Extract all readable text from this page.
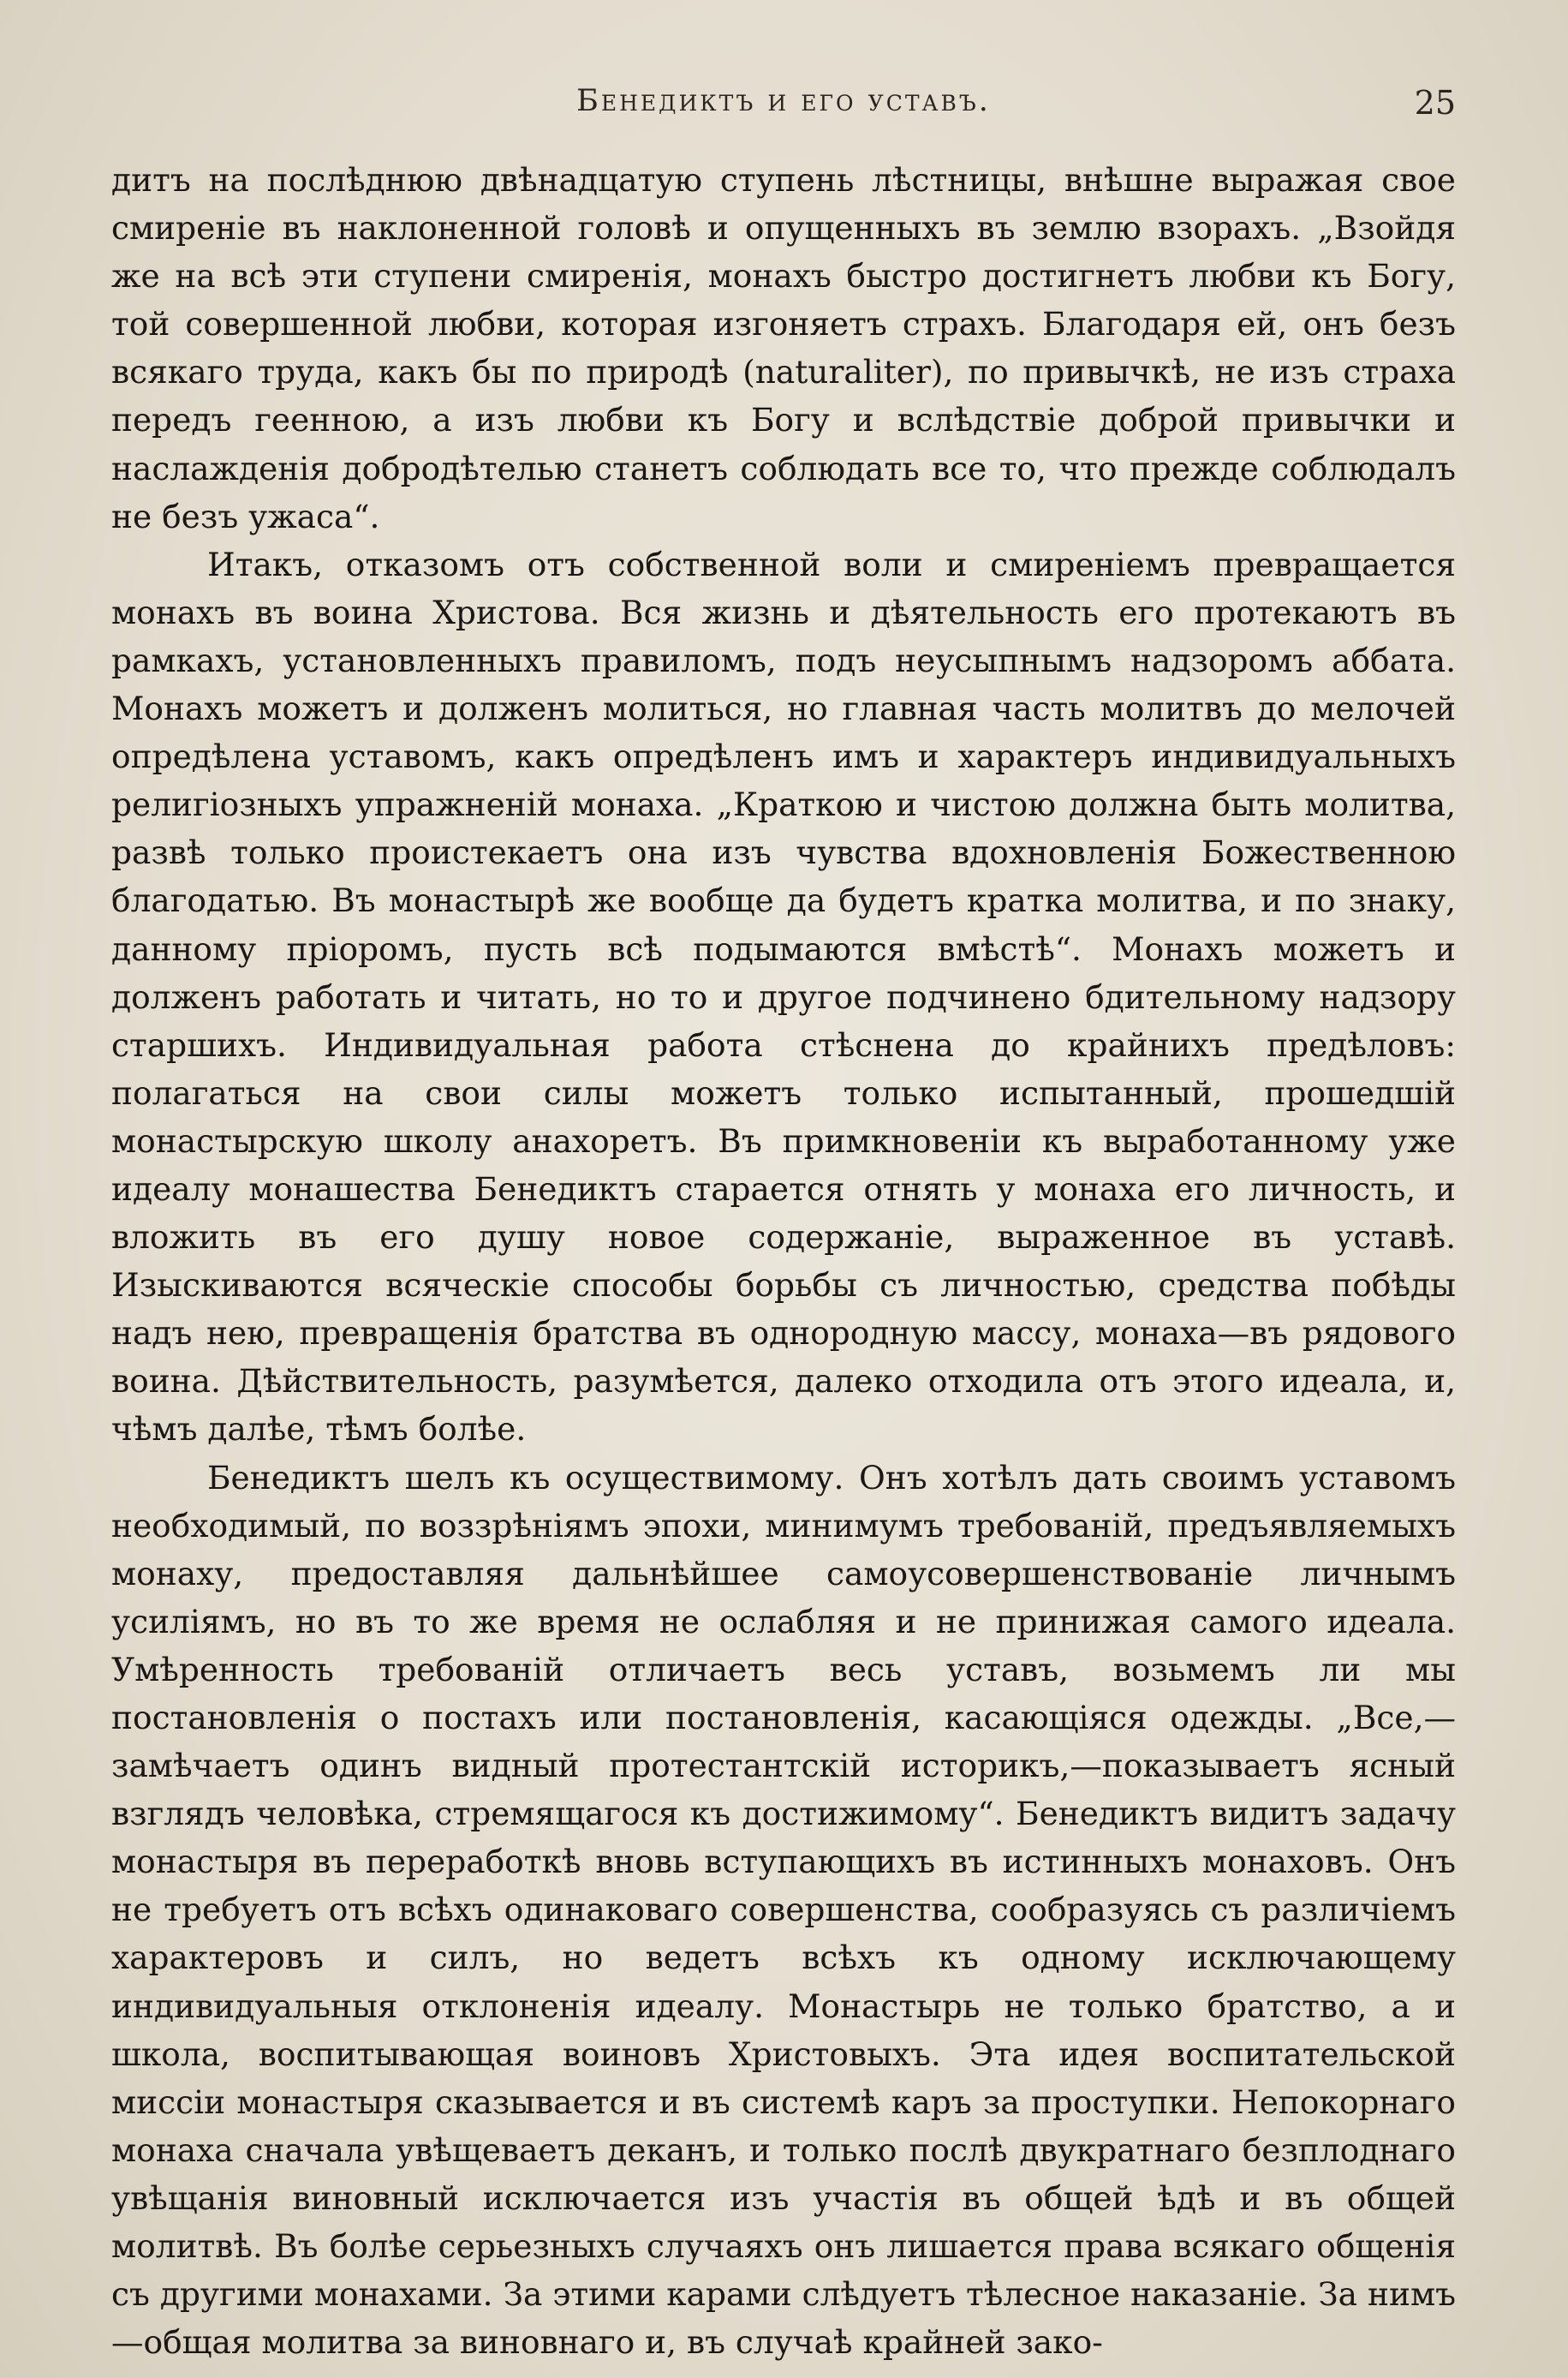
Бенедиктъ и его уставъ.	25

дитъ на послѣднюю двѣнадцатую ступень лѣстницы, внѣшне выражая свое смиреніе въ наклоненной головѣ и опущенныхъ въ землю взорахъ. „Взойдя же на всѣ эти ступени смиренія, монахъ быстро достигнетъ любви къ Богу, той совершенной любви, которая изгоняетъ страхъ. Благодаря ей, онъ безъ всякаго труда, какъ бы по природѣ (naturaliter), по привычкѣ, не изъ страха передъ геенною, а изъ любви къ Богу и вслѣдствіе доброй привычки и наслажденія добродѣтелью станетъ соблюдать все то, что прежде соблюдалъ не безъ ужаса“.

Итакъ, отказомъ отъ собственной воли и смиреніемъ превращается монахъ въ воина Христова. Вся жизнь и дѣятельность его протекаютъ въ рамкахъ, установленныхъ правиломъ, подъ неусыпнымъ надзоромъ аббата. Монахъ можетъ и долженъ молиться, но главная часть молитвъ до мелочей опредѣлена уставомъ, какъ опредѣленъ имъ и характеръ индивидуальныхъ религіозныхъ упражненій монаха. „Краткою и чистою должна быть молитва, развѣ только проистекаетъ она изъ чувства вдохновленія Божественною благодатью. Въ монастырѣ же вообще да будетъ кратка молитва, и по знаку, данному пріоромъ, пусть всѣ подымаются вмѣстѣ“. Монахъ можетъ и долженъ работать и читать, но то и другое подчинено бдительному надзору старшихъ. Индивидуальная работа стѣснена до крайнихъ предѣловъ: полагаться на свои силы можетъ только испытанный, прошедшій монастырскую школу анахоретъ. Въ примкновеніи къ выработанному уже идеалу монашества Бенедиктъ старается отнять у монаха его личность, и вложить въ его душу новое содержаніе, выраженное въ уставѣ. Изыскиваются всяческіе способы борьбы съ личностью, средства побѣды надъ нею, превращенія братства въ однородную массу, монаха—въ рядового воина. Дѣйствительность, разумѣется, далеко отходила отъ этого идеала, и, чѣмъ далѣе, тѣмъ болѣе.

Бенедиктъ шелъ къ осуществимому. Онъ хотѣлъ дать своимъ уставомъ необходимый, по воззрѣніямъ эпохи, минимумъ требованій, предъявляемыхъ монаху, предоставляя дальнѣйшее самоусовершенствованіе личнымъ усиліямъ, но въ то же время не ослабляя и не принижая самого идеала. Умѣренность требованій отличаетъ весь уставъ, возьмемъ ли мы постановленія о постахъ или постановленія, касающіяся одежды. „Все,—замѣчаетъ одинъ видный протестантскій историкъ,—показываетъ ясный взглядъ человѣка, стремящагося къ достижимому“. Бенедиктъ видитъ задачу монастыря въ переработкѣ вновь вступающихъ въ истинныхъ монаховъ. Онъ не требуетъ отъ всѣхъ одинаковаго совершенства, сообразуясь съ различіемъ характеровъ и силъ, но ведетъ всѣхъ къ одному исключающему индивидуальныя отклоненія идеалу. Монастырь не только братство, а и школа, воспитывающая воиновъ Христовыхъ. Эта идея воспитательской миссіи монастыря сказывается и въ системѣ каръ за проступки. Непокорнаго монаха сначала увѣщеваетъ деканъ, и только послѣ двукратнаго безплоднаго увѣщанія виновный исключается изъ участія въ общей ѣдѣ и въ общей молитвѣ. Въ болѣе серьезныхъ случаяхъ онъ лишается права всякаго общенія съ другими монахами. За этими карами слѣдуетъ тѣлесное наказаніе. За нимъ—общая молитва за виновнаго и, въ случаѣ крайней зако-
